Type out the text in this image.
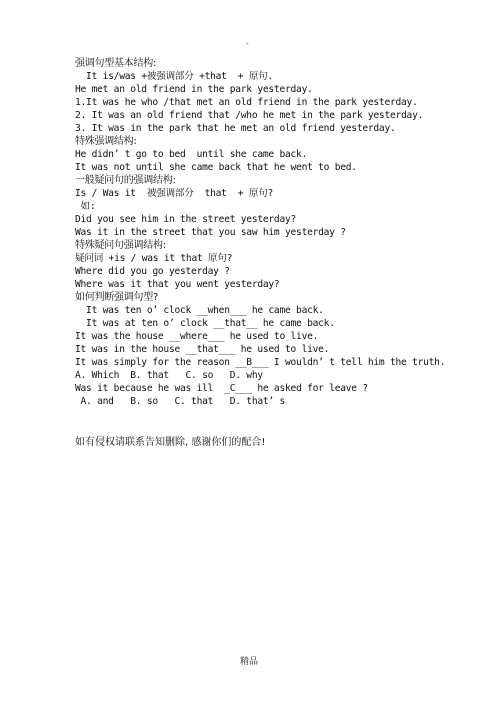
-
强调句型基本结构:
It is/was +被强调部分 +that  + 原句.
He met an old friend in the park yesterday.
1.It was he who /that met an old friend in the park yesterday.
2. It was an old friend that /who he met in the park yesterday.
3. It was in the park that he met an old friend yesterday.
特殊强调结构:
He didn’ t go to bed  until she came back.
It was not until she came back that he went to bed.
一般疑问句的强调结构:
Is / Was it  被强调部分  that  + 原句?
如:
Did you see him in the street yesterday?
Was it in the street that you saw him yesterday ?
特殊疑问句强调结构:
疑问词 +is / was it that 原句?
Where did you go yesterday ?
Where was it that you went yesterday?
如何判断强调句型?
It was ten o’ clock __when___ he came back.
It was at ten o’ clock __that__ he came back.
It was the house __where___ he used to live.
It was in the house __that___ he used to live.
It was simply for the reason __B___ I wouldn’ t tell him the truth.
A. Which  B. that   C. so   D. why
Was it because he was ill  _C___ he asked for leave ?
A. and   B. so   C. that   D. that’ s
如有侵权请联系告知删除, 感谢你们的配合!
精品
